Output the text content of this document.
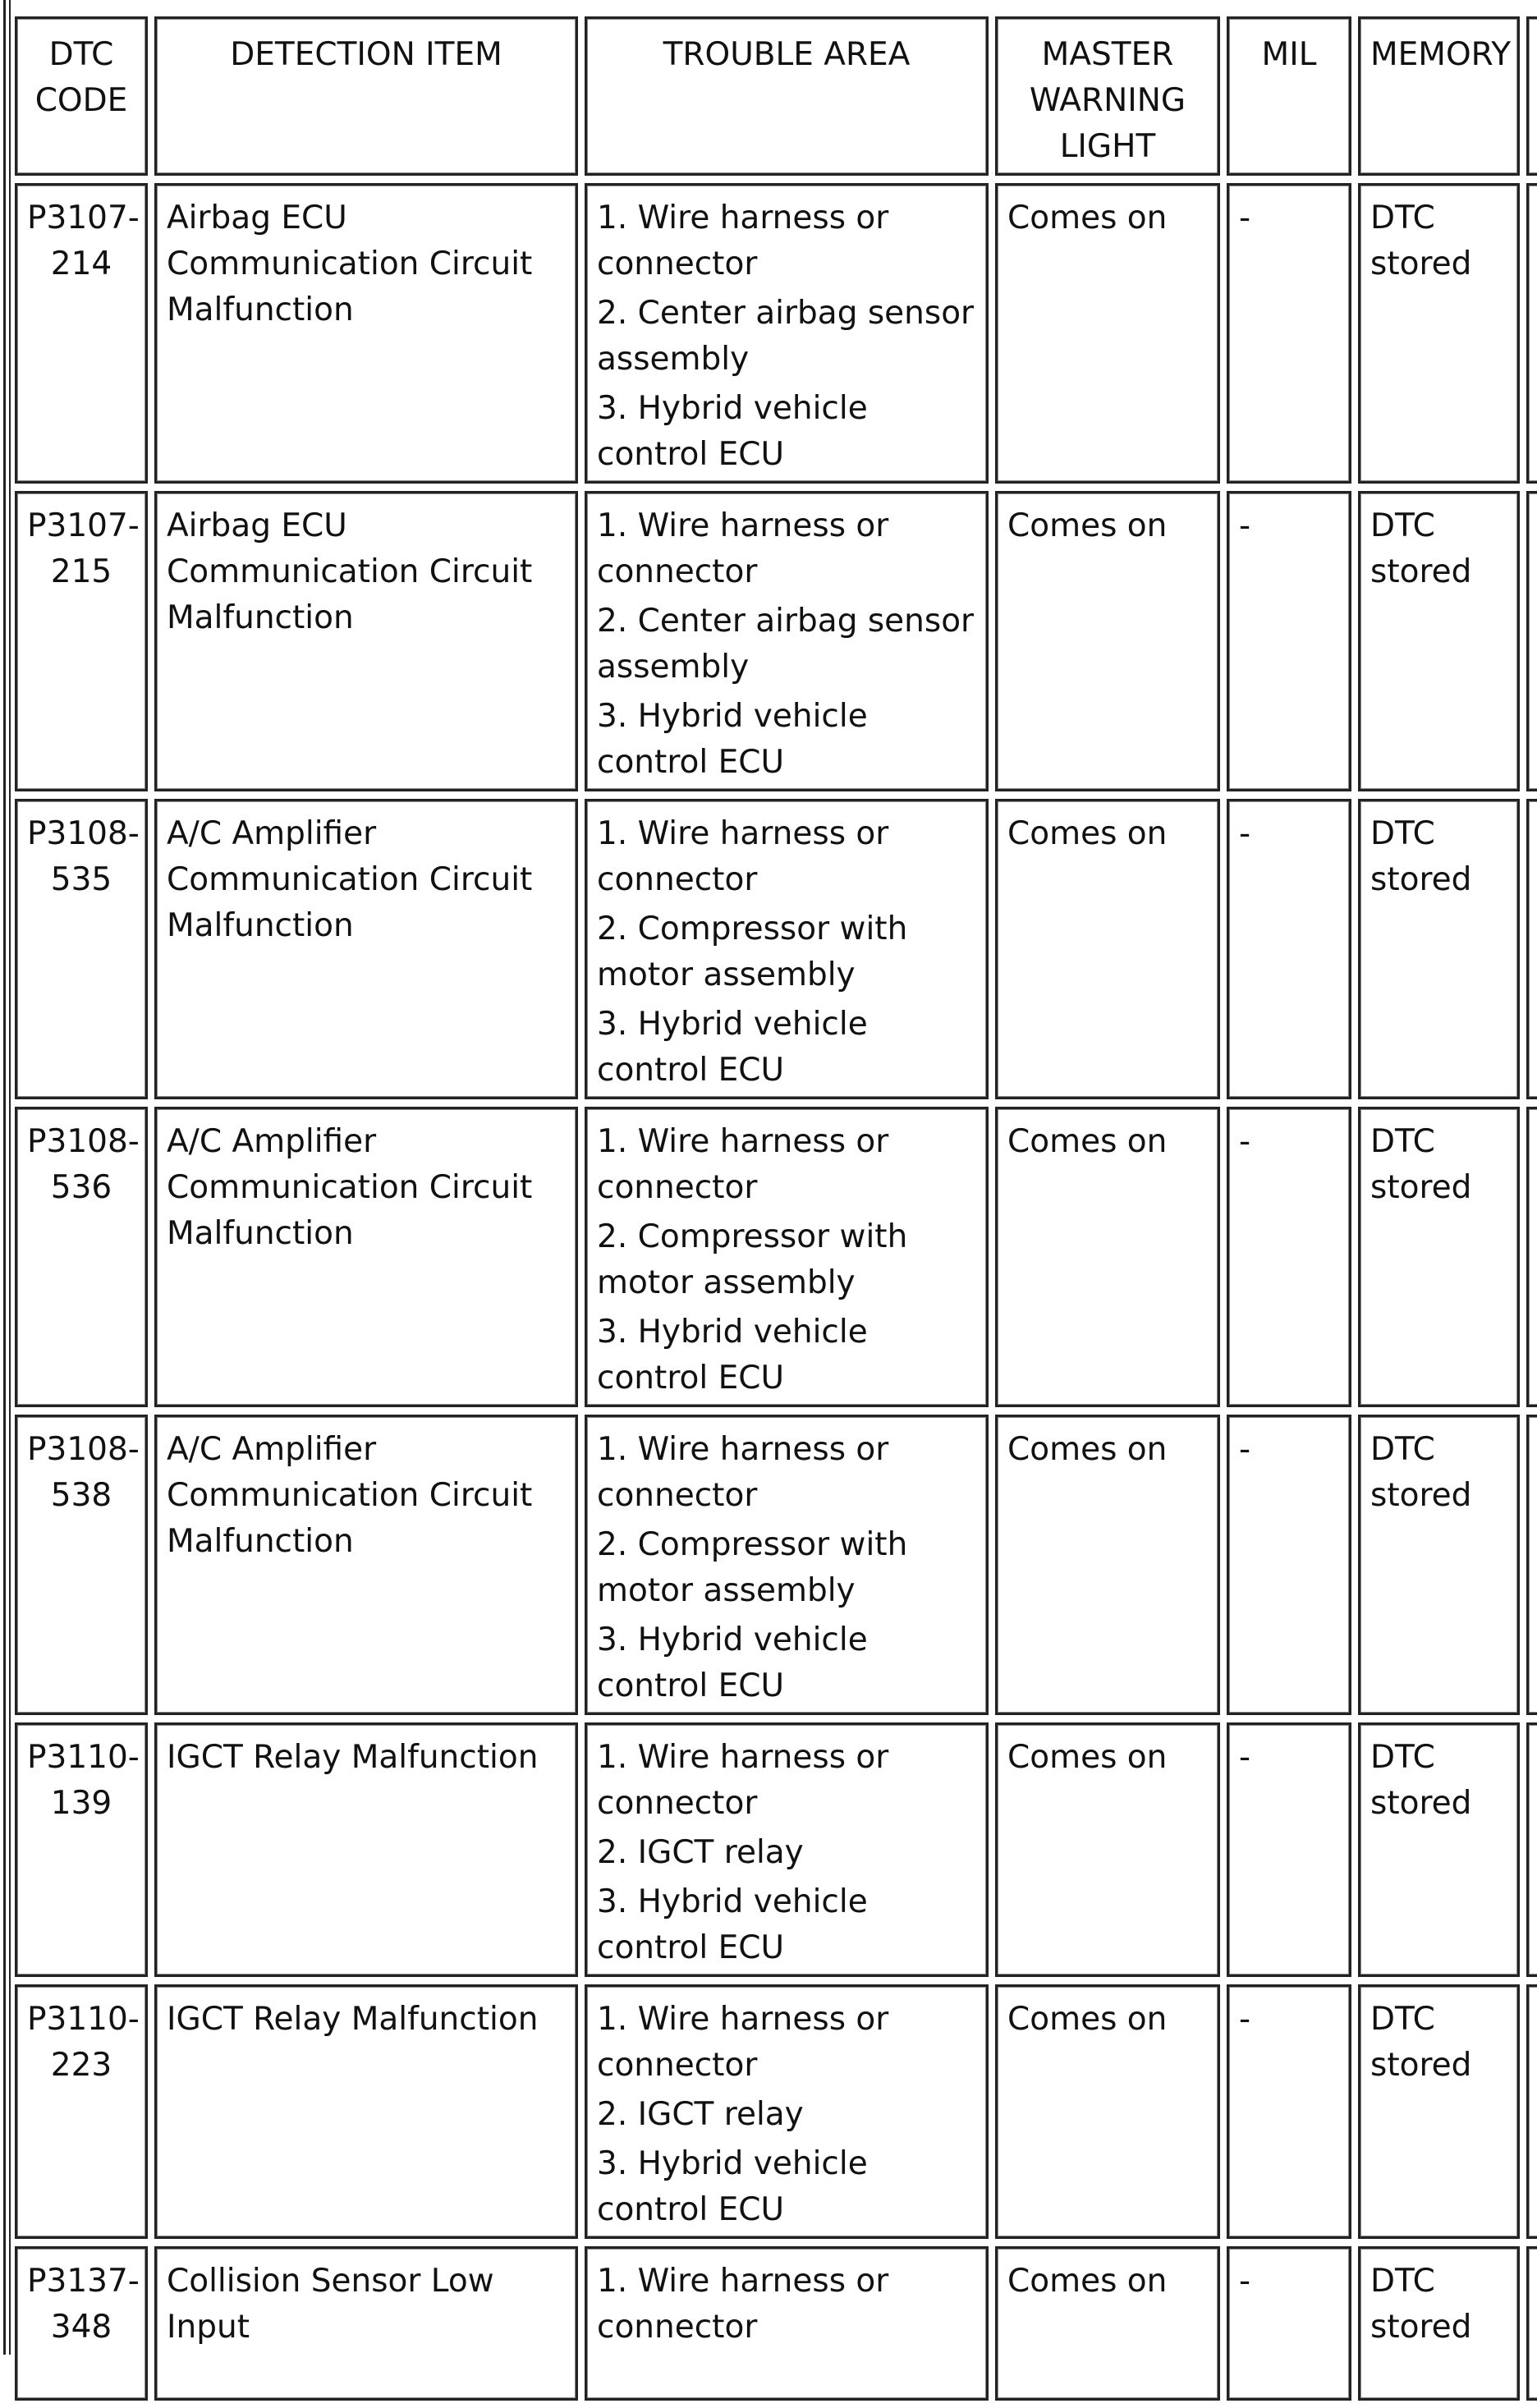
DTC
CODE	DETECTION ITEM	TROUBLE AREA	MASTER
WARNING
LIGHT	MIL	MEMORY	
P3107-
214	Airbag ECU Communication Circuit Malfunction	1. Wire harness or connector
2. Center airbag sensor assembly
3. Hybrid vehicle control ECU	Comes on	-	DTC stored	
P3107-
215	Airbag ECU Communication Circuit Malfunction	1. Wire harness or connector
2. Center airbag sensor assembly
3. Hybrid vehicle control ECU	Comes on	-	DTC stored	
P3108-
535	A/C Amplifier Communication Circuit Malfunction	1. Wire harness or connector
2. Compressor with motor assembly
3. Hybrid vehicle control ECU	Comes on	-	DTC stored	
P3108-
536	A/C Amplifier Communication Circuit Malfunction	1. Wire harness or connector
2. Compressor with motor assembly
3. Hybrid vehicle control ECU	Comes on	-	DTC stored	
P3108-
538	A/C Amplifier Communication Circuit Malfunction	1. Wire harness or connector
2. Compressor with motor assembly
3. Hybrid vehicle control ECU	Comes on	-	DTC stored	
P3110-
139	IGCT Relay Malfunction	1. Wire harness or connector
2. IGCT relay
3. Hybrid vehicle control ECU	Comes on	-	DTC stored	
P3110-
223	IGCT Relay Malfunction	1. Wire harness or connector
2. IGCT relay
3. Hybrid vehicle control ECU	Comes on	-	DTC stored	
P3137-
348	Collision Sensor Low Input	1. Wire harness or connector	Comes on	-	DTC stored	
